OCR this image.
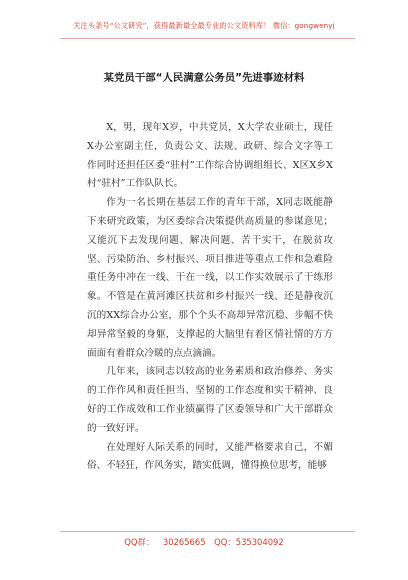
关注头条号“公文研究”，获得最新最全最专业的公文资料库！ 微信：gongwenyj
某党员干部“人民满意公务员”先进事迹材料

X，男，现年X岁，中共党员，X大学农业硕士，现任X办公室副主任，负责公文、法规、政研、综合文字等工作同时还担任区委“驻村”工作综合协调组组长、X区X乡X村“驻村”工作队队长。

作为一名长期在基层工作的青年干部，X同志既能静下来研究政策，为区委综合决策提供高质量的参谋意见；又能沉下去发现问题、解决问题、苦干实干，在脱贫攻坚、污染防治、乡村振兴、项目推进等重点工作和急难险重任务中冲在一线、干在一线，以工作实效展示了干练形象。不管是在黄河滩区扶贫和乡村振兴一线、还是静夜沉沉的XX综合办公室，那个个头不高却异常沉稳、步幅不快却异常坚毅的身躯，支撑起的大脑里有着区情社情的方方面面有着群众冷暖的点点滴滴。

几年来，该同志以较高的业务素质和政治修养、务实的工作作风和责任担当、坚韧的工作态度和实干精神、良好的工作成效和工作业绩赢得了区委领导和广大干部群众的一致好评。

在处理好人际关系的同时，又能严格要求自己，不媚俗、不轻狂，作风务实，踏实低调，懂得换位思考，能够

QQ群： 30265665 QQ：535304092
